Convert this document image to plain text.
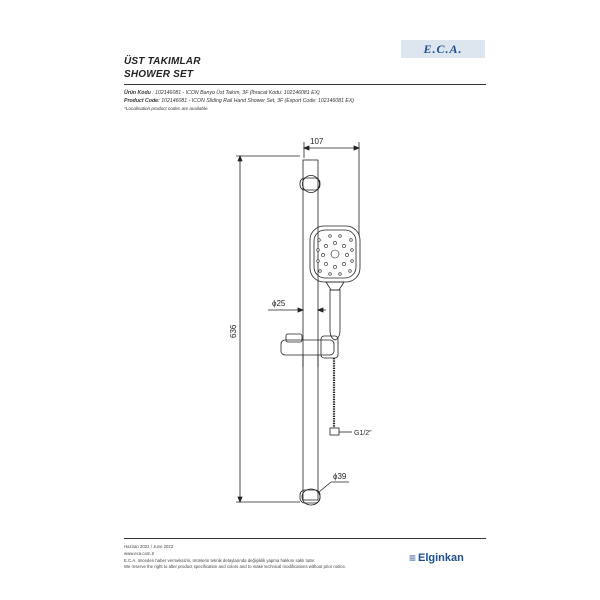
ÜST TAKIMLAR
SHOWER SET
E.C.A.
Ürün Kodu : 102146081 - ICON Banyo Üst Takım, 3F (İhracat Kodu: 102146081 EX)
Product Code: 102146081 - ICON Sliding Rail Hand Shower Set, 3F (Export Code: 102146081 EX)
*Localisation product codes are available.
107
ϕ25
636
G1/2"
ϕ39
Haziran 2022 / June 2022
www.eca.com.tr
E.C.A. önceden haber vermeksizin, ürünlerin teknik detaylarında değişiklik yapma hakkını saklı tutar.
We reserve the right to alter product specification and colors and to make technical modifications without prior notice.
≡ Elginkan
